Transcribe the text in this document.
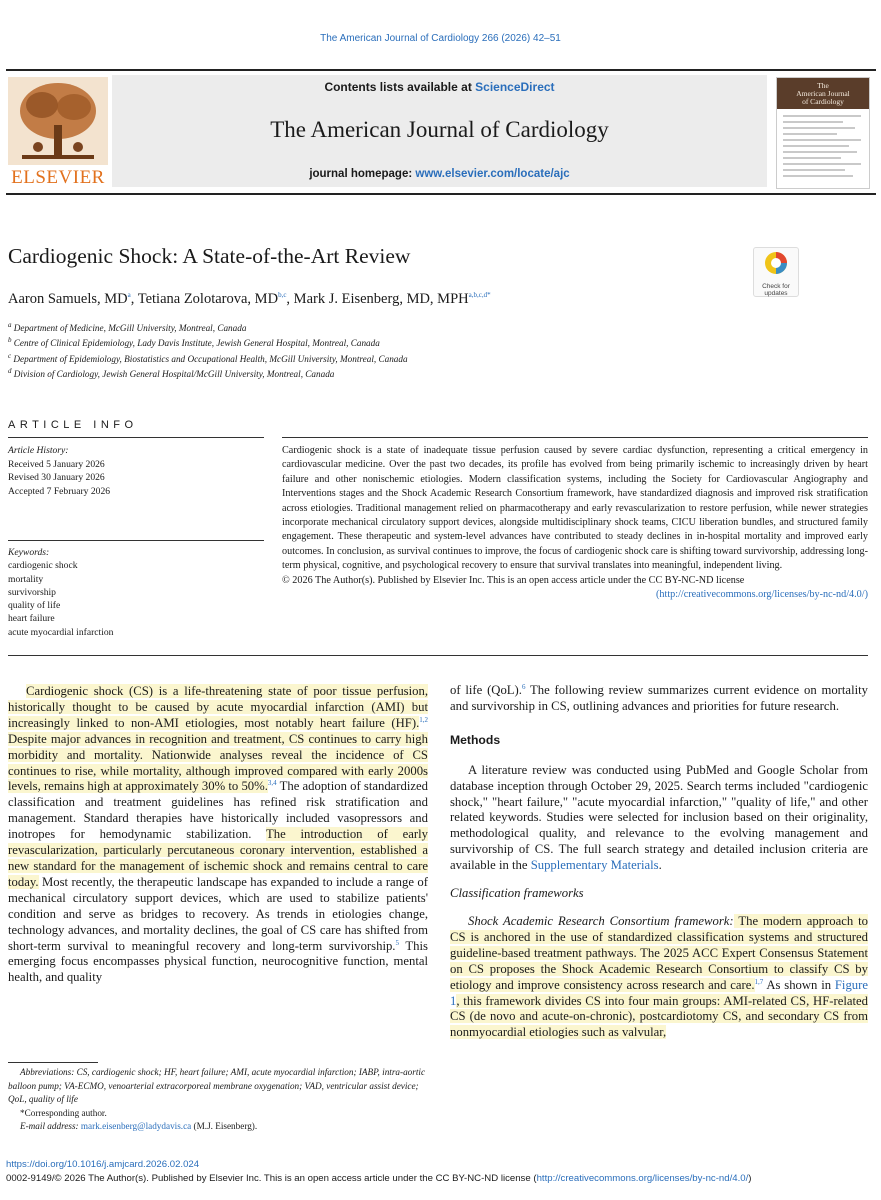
The American Journal of Cardiology 266 (2026) 42–51
ELSEVIER
Contents lists available at ScienceDirect
The American Journal of Cardiology
journal homepage: www.elsevier.com/locate/ajc
The
American Journal
of Cardiology
Cardiogenic Shock: A State-of-the-Art Review
Check for
updates
Aaron Samuels, $MD^a$, Tetiana Zolotarova, MD$^{b,c}$, Mark J. Eisenberg, MD, $MPH^{a,b,c,d*}$
$^a$ Department of Medicine, McGill University, Montreal, Canada
$^b$ Centre of Clinical Epidemiology, Lady Davis Institute, Jewish General Hospital, Montreal, Canada
$^c$ Department of Epidemiology, Biostatistics and Occupational Health, McGill University, Montreal, Canada
$^d$ Division of Cardiology, Jewish General Hospital/McGill University, Montreal, Canada
ARTICLE INFO
Article History:
Received 5 January 2026
Revised 30 January 2026
Accepted 7 February 2026
Keywords:
cardiogenic shock
mortality
survivorship
quality of life
heart failure
acute myocardial infarction
Cardiogenic shock is a state of inadequate tissue perfusion caused by severe cardiac dysfunction, representing a critical emergency in cardiovascular medicine. Over the past two decades, its profile has evolved from being primarily ischemic to increasingly driven by heart failure and other nonischemic etiologies. Modern classification systems, including the Society for Cardiovascular Angiography and Interventions stages and the Shock Academic Research Consortium framework, have standardized diagnosis and improved risk stratification across etiologies. Traditional management relied on pharmacotherapy and early revascularization to restore perfusion, while newer strategies incorporate mechanical circulatory support devices, alongside multidisciplinary shock teams, CICU liberation bundles, and structured family engagement. These therapeutic and system-level advances have contributed to steady declines in in-hospital mortality and improved early outcomes. In conclusion, as survival continues to improve, the focus of cardiogenic shock care is shifting toward survivorship, addressing long-term physical, cognitive, and psychological recovery to ensure that survival translates into meaningful, independent living.
© 2026 The Author(s). Published by Elsevier Inc. This is an open access article under the CC BY-NC-ND license
(http://creativecommons.org/licenses/by-nc-nd/4.0/)

Cardiogenic shock (CS) is a life-threatening state of poor tissue perfusion, historically thought to be caused by acute myocardial infarction (AMI) but increasingly linked to non-AMI etiologies, most notably heart failure (HF).$^{1,2}$ Despite major advances in recognition and treatment, CS continues to carry high morbidity and mortality. Nationwide analyses reveal the incidence of CS continues to rise, while mortality, although improved compared with early 2000s levels, remains high at approximately 30% to 50%.$^{3,4}$ The adoption of standardized classification and treatment guidelines has refined risk stratification and management. Standard therapies have historically included vasopressors and inotropes for hemodynamic stabilization. The introduction of early revascularization, particularly percutaneous coronary intervention, established a new standard for the management of ischemic shock and remains central to care today. Most recently, the therapeutic landscape has expanded to include a range of mechanical circulatory support devices, which are used to stabilize patients' condition and serve as bridges to recovery. As trends in etiologies change, technology advances, and mortality declines, the goal of CS care has shifted from short-term survival to meaningful recovery and long-term survivorship.$^5$ This emerging focus encompasses physical function, neurocognitive function, mental health, and quality

of life (QoL).$^6$ The following review summarizes current evidence on mortality and survivorship in CS, outlining advances and priorities for future research.

Methods

A literature review was conducted using PubMed and Google Scholar from database inception through October 29, 2025. Search terms included "cardiogenic shock," "heart failure," "acute myocardial infarction," "quality of life," and other related keywords. Studies were selected for inclusion based on their originality, methodological quality, and relevance to the evolving management and survivorship of CS. The full search strategy and detailed inclusion criteria are available in the Supplementary Materials.

Classification frameworks

Shock Academic Research Consortium framework: The modern approach to CS is anchored in the use of standardized classification systems and structured guideline-based treatment pathways. The 2025 ACC Expert Consensus Statement on CS proposes the Shock Academic Research Consortium to classify CS by etiology and improve consistency across research and care.$^{1,7}$ As shown in Figure 1, this framework divides CS into four main groups: AMI-related CS, HF-related CS (de novo and acute-on-chronic), postcardiotomy CS, and secondary CS from nonmyocardial etiologies such as valvular,

Abbreviations: CS, cardiogenic shock; HF, heart failure; AMI, acute myocardial infarction; IABP, intra-aortic balloon pump; VA-ECMO, venoarterial extracorporeal membrane oxygenation; VAD, ventricular assist device; QoL, quality of life
*Corresponding author.
E-mail address: mark.eisenberg@ladydavis.ca (M.J. Eisenberg).
https://doi.org/10.1016/j.amjcard.2026.02.024
0002-9149/© 2026 The Author(s). Published by Elsevier Inc. This is an open access article under the CC BY-NC-ND license (http://creativecommons.org/licenses/by-nc-nd/4.0/)
